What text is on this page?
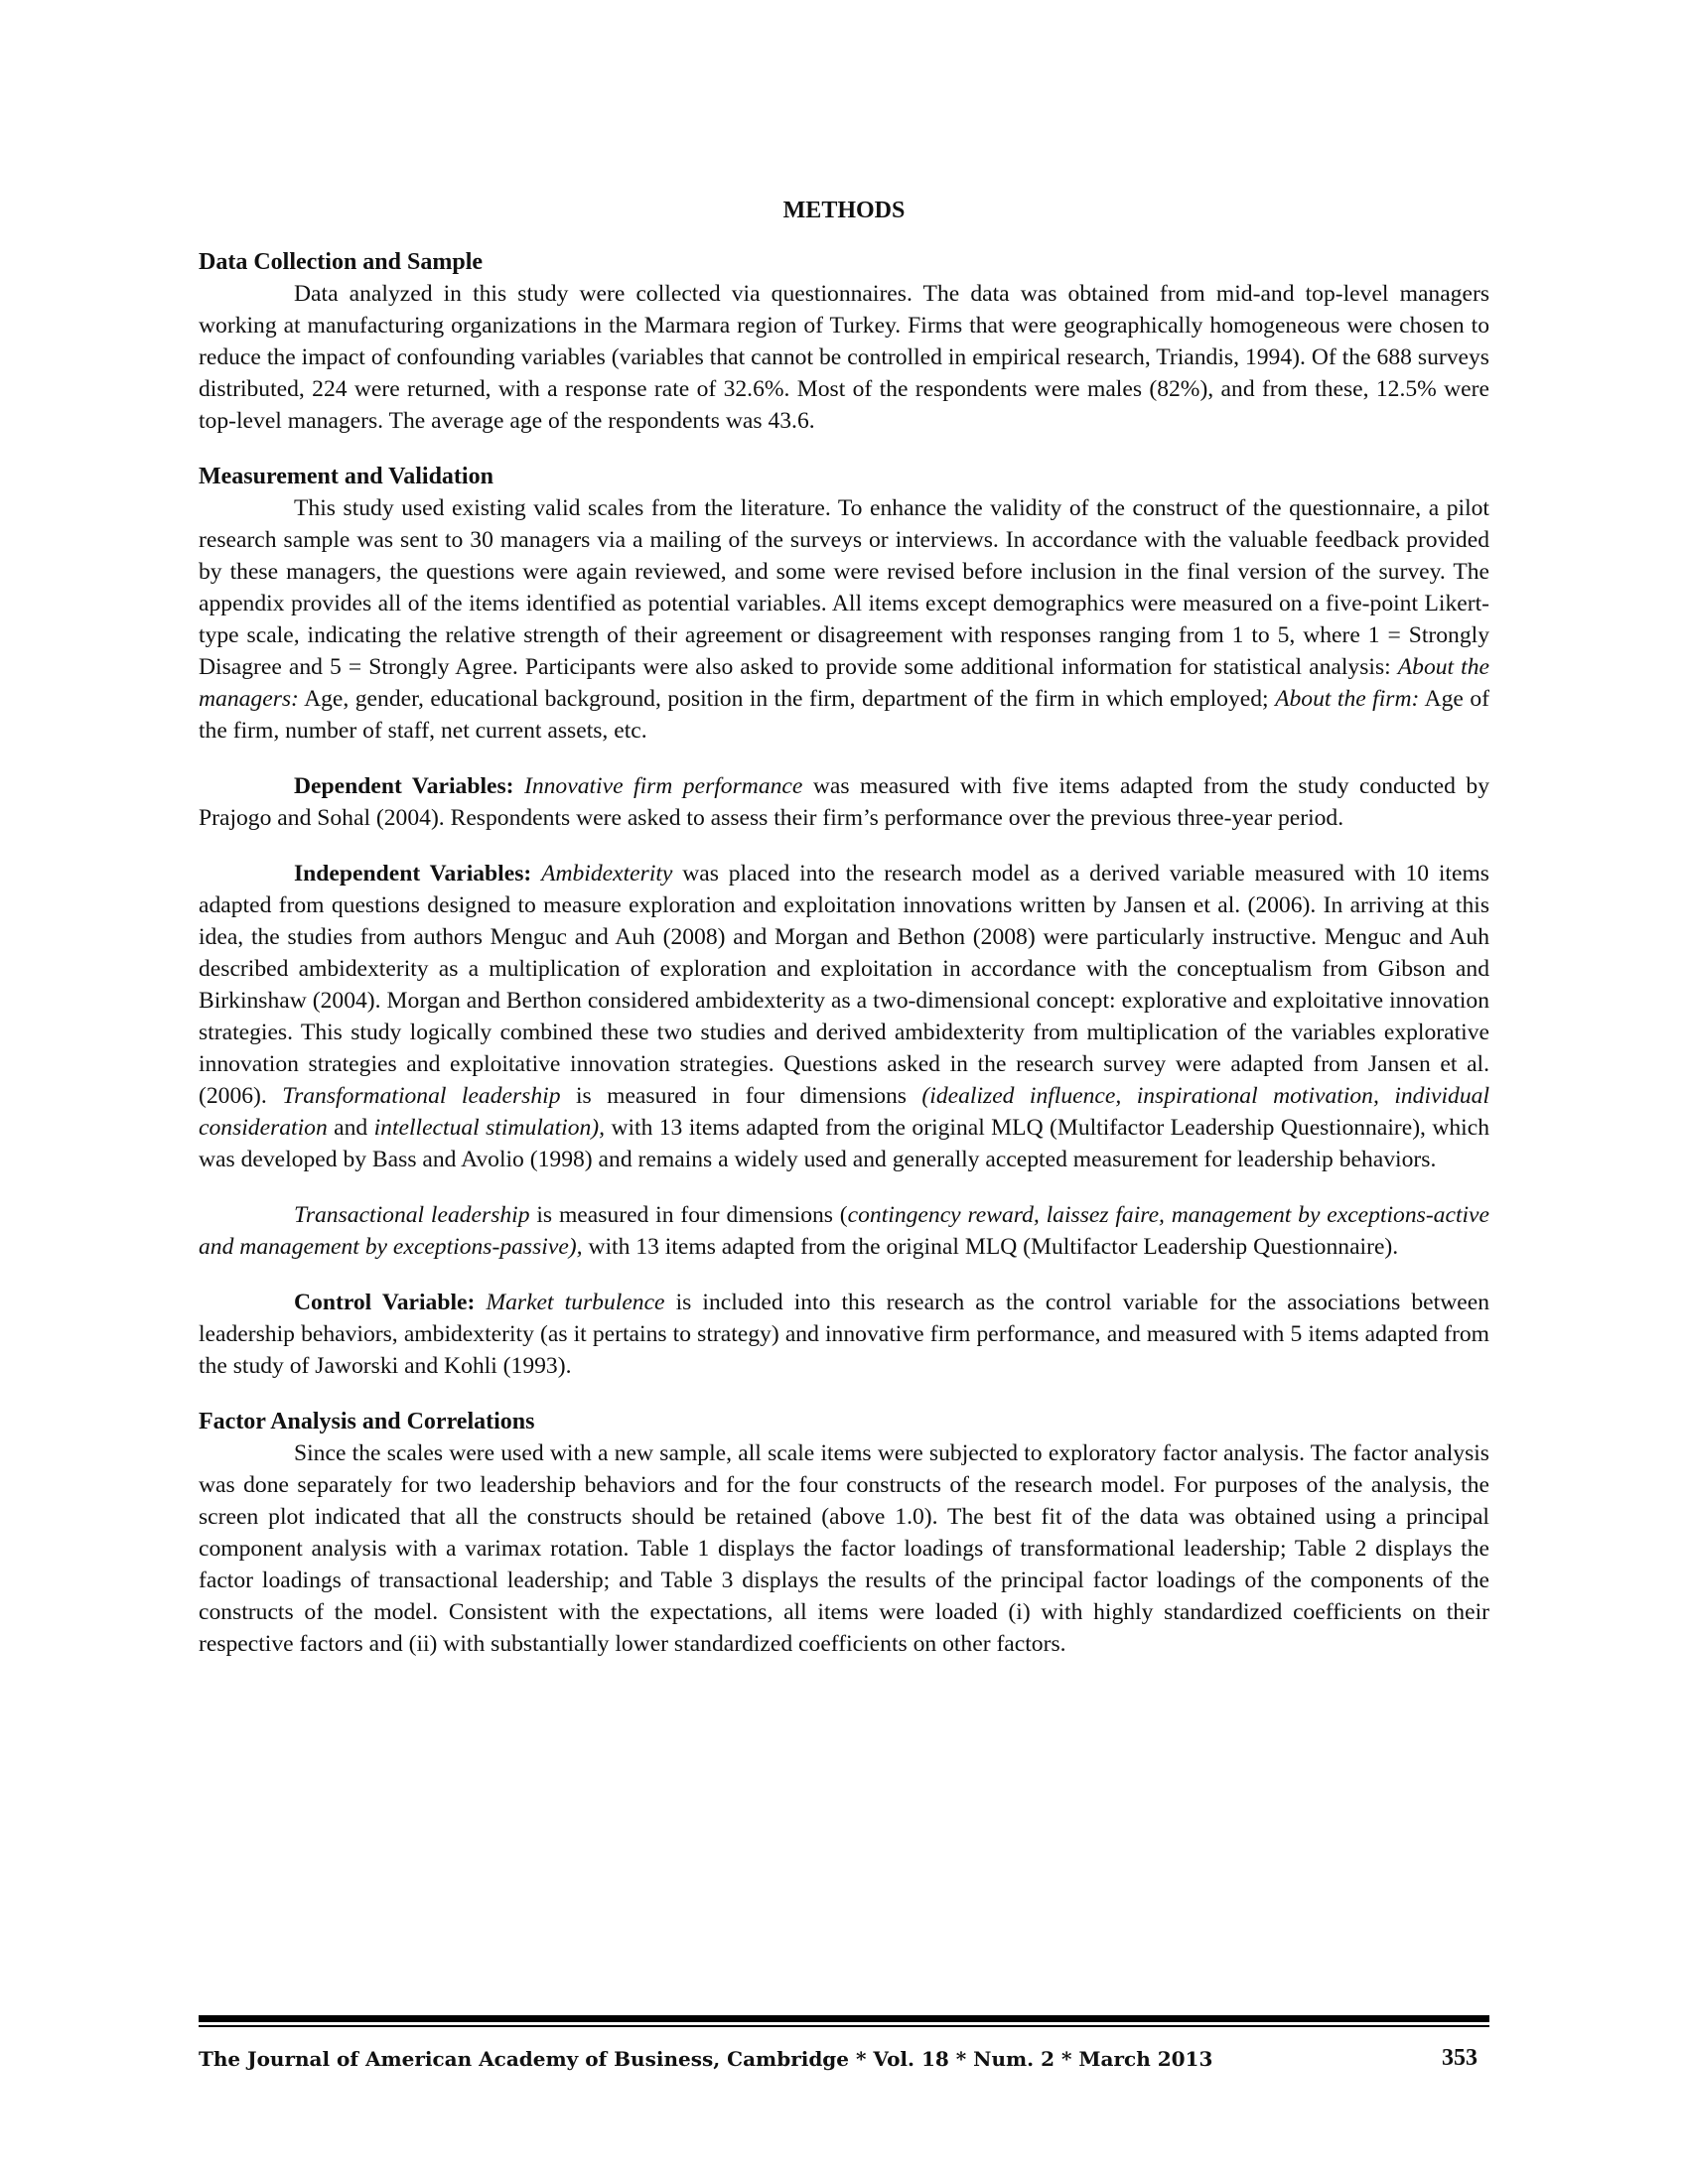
METHODS
Data Collection and Sample

Data analyzed in this study were collected via questionnaires. The data was obtained from mid-and top-level managers working at manufacturing organizations in the Marmara region of Turkey. Firms that were geographically homogeneous were chosen to reduce the impact of confounding variables (variables that cannot be controlled in empirical research, Triandis, 1994). Of the 688 surveys distributed, 224 were returned, with a response rate of 32.6%. Most of the respondents were males (82%), and from these, 12.5% were top-level managers. The average age of the respondents was 43.6.

Measurement and Validation

This study used existing valid scales from the literature. To enhance the validity of the construct of the questionnaire, a pilot research sample was sent to 30 managers via a mailing of the surveys or interviews. In accordance with the valuable feedback provided by these managers, the questions were again reviewed, and some were revised before inclusion in the final version of the survey. The appendix provides all of the items identified as potential variables. All items except demographics were measured on a five-point Likert-type scale, indicating the relative strength of their agreement or disagreement with responses ranging from 1 to 5, where 1 = Strongly Disagree and 5 = Strongly Agree. Participants were also asked to provide some additional information for statistical analysis: About the managers: Age, gender, educational background, position in the firm, department of the firm in which employed; About the firm: Age of the firm, number of staff, net current assets, etc.

Dependent Variables: Innovative firm performance was measured with five items adapted from the study conducted by Prajogo and Sohal (2004). Respondents were asked to assess their firm’s performance over the previous three-year period.

Independent Variables: Ambidexterity was placed into the research model as a derived variable measured with 10 items adapted from questions designed to measure exploration and exploitation innovations written by Jansen et al. (2006). In arriving at this idea, the studies from authors Menguc and Auh (2008) and Morgan and Bethon (2008) were particularly instructive. Menguc and Auh described ambidexterity as a multiplication of exploration and exploitation in accordance with the conceptualism from Gibson and Birkinshaw (2004). Morgan and Berthon considered ambidexterity as a two-dimensional concept: explorative and exploitative innovation strategies. This study logically combined these two studies and derived ambidexterity from multiplication of the variables explorative innovation strategies and exploitative innovation strategies. Questions asked in the research survey were adapted from Jansen et al. (2006). Transformational leadership is measured in four dimensions (idealized influence, inspirational motivation, individual consideration and intellectual stimulation), with 13 items adapted from the original MLQ (Multifactor Leadership Questionnaire), which was developed by Bass and Avolio (1998) and remains a widely used and generally accepted measurement for leadership behaviors.

Transactional leadership is measured in four dimensions (contingency reward, laissez faire, management by exceptions-active and management by exceptions-passive), with 13 items adapted from the original MLQ (Multifactor Leadership Questionnaire).

Control Variable: Market turbulence is included into this research as the control variable for the associations between leadership behaviors, ambidexterity (as it pertains to strategy) and innovative firm performance, and measured with 5 items adapted from the study of Jaworski and Kohli (1993).

Factor Analysis and Correlations

Since the scales were used with a new sample, all scale items were subjected to exploratory factor analysis. The factor analysis was done separately for two leadership behaviors and for the four constructs of the research model. For purposes of the analysis, the screen plot indicated that all the constructs should be retained (above 1.0). The best fit of the data was obtained using a principal component analysis with a varimax rotation. Table 1 displays the factor loadings of transformational leadership; Table 2 displays the factor loadings of transactional leadership; and Table 3 displays the results of the principal factor loadings of the components of the constructs of the model. Consistent with the expectations, all items were loaded (i) with highly standardized coefficients on their respective factors and (ii) with substantially lower standardized coefficients on other factors.

The Journal of American Academy of Business, Cambridge * Vol. 18 * Num. 2 * March 2013	353
